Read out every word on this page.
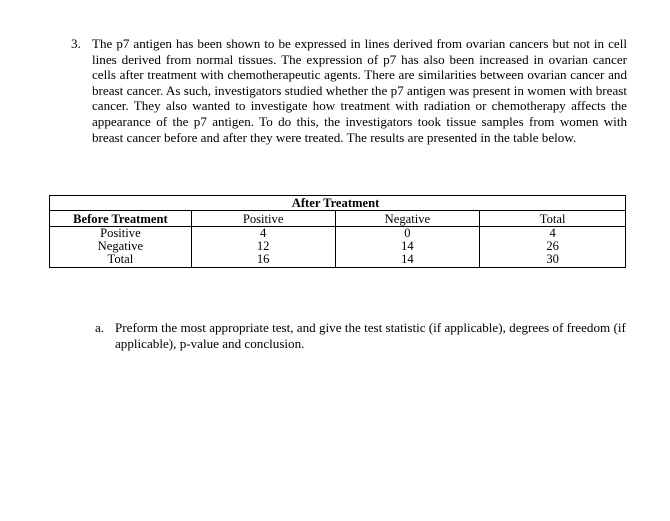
3. The p7 antigen has been shown to be expressed in lines derived from ovarian cancers but not in cell lines derived from normal tissues. The expression of p7 has also been increased in ovarian cancer cells after treatment with chemotherapeutic agents. There are similarities between ovarian cancer and breast cancer. As such, investigators studied whether the p7 antigen was present in women with breast cancer. They also wanted to investigate how treatment with radiation or chemotherapy affects the appearance of the p7 antigen. To do this, the investigators took tissue samples from women with breast cancer before and after they were treated. The results are presented in the table below.
	After Treatment		
Before Treatment	Positive	Negative	Total
Positive	4	0	4
Negative	12	14	26
Total	16	14	30
a. Preform the most appropriate test, and give the test statistic (if applicable), degrees of freedom (if applicable), p-value and conclusion.
